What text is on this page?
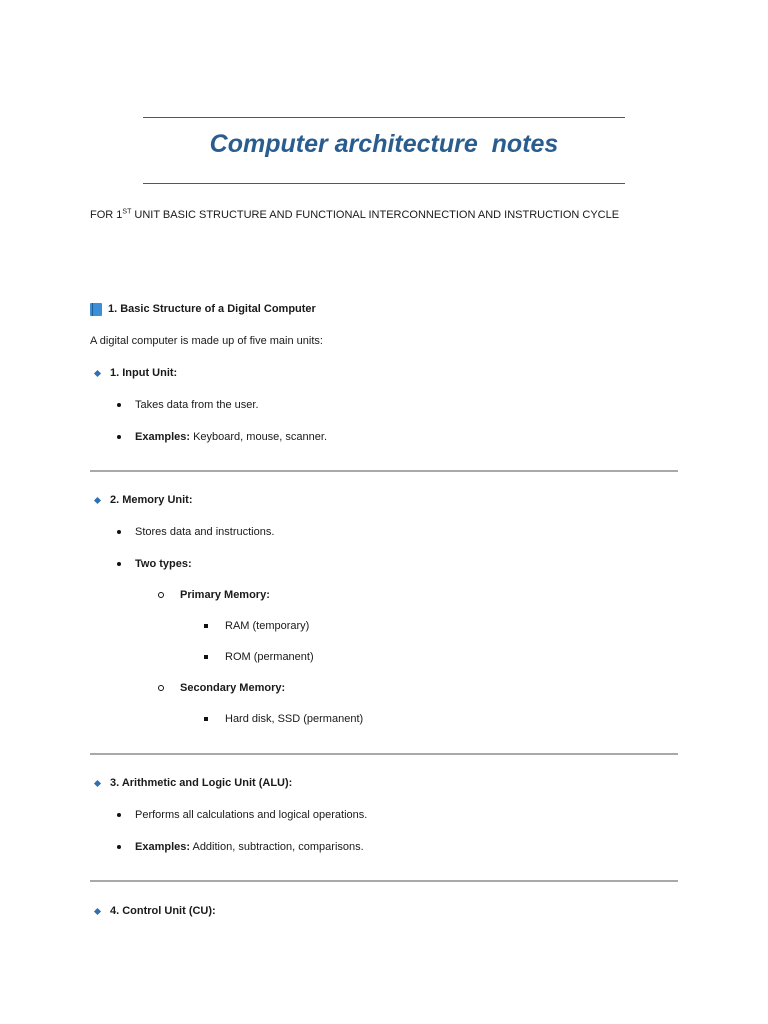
Computer architecture  notes
FOR 1ST UNIT BASIC STRUCTURE AND FUNCTIONAL INTERCONNECTION AND INSTRUCTION CYCLE
1. Basic Structure of a Digital Computer
A digital computer is made up of five main units:
1. Input Unit:
Takes data from the user.
Examples: Keyboard, mouse, scanner.
2. Memory Unit:
Stores data and instructions.
Two types:
Primary Memory:
RAM (temporary)
ROM (permanent)
Secondary Memory:
Hard disk, SSD (permanent)
3. Arithmetic and Logic Unit (ALU):
Performs all calculations and logical operations.
Examples: Addition, subtraction, comparisons.
4. Control Unit (CU):
